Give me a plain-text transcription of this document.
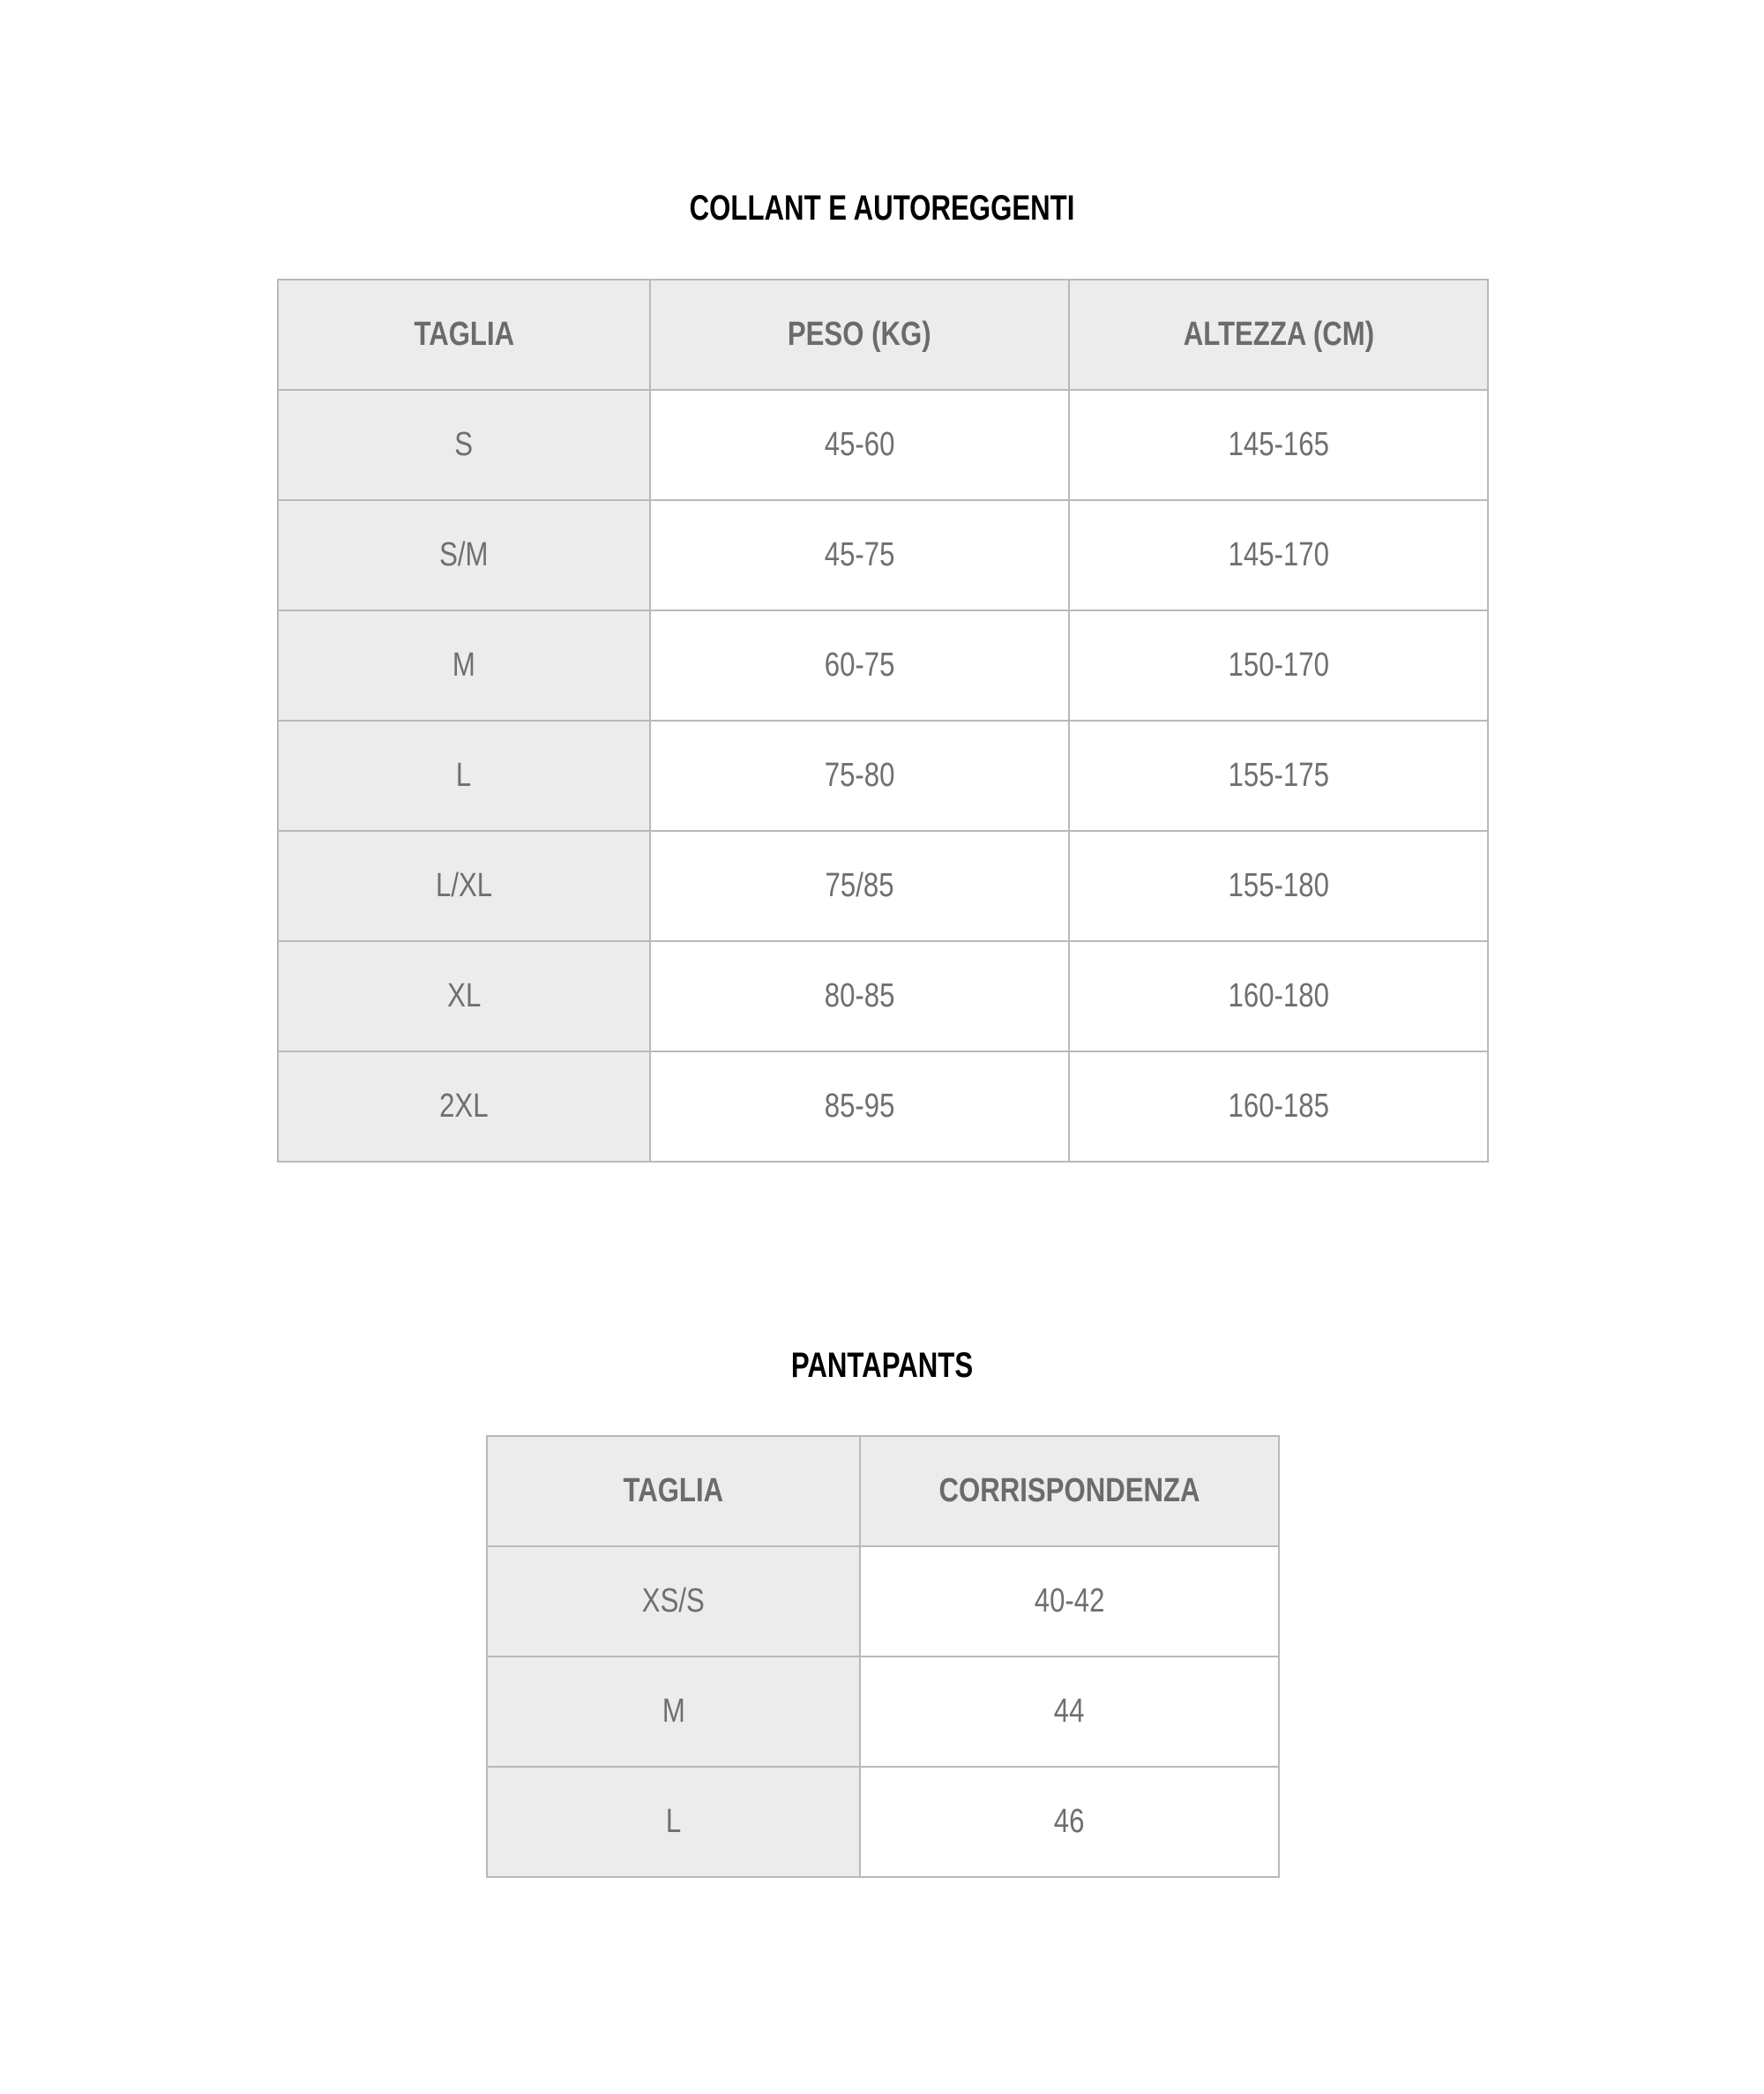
COLLANT E AUTOREGGENTI
TAGLIA	PESO (KG)	ALTEZZA (CM)
S	45-60	145-165
S/M	45-75	145-170
M	60-75	150-170
L	75-80	155-175
L/XL	75/85	155-180
XL	80-85	160-180
2XL	85-95	160-185
PANTAPANTS
TAGLIA	CORRISPONDENZA
XS/S	40-42
M	44
L	46
